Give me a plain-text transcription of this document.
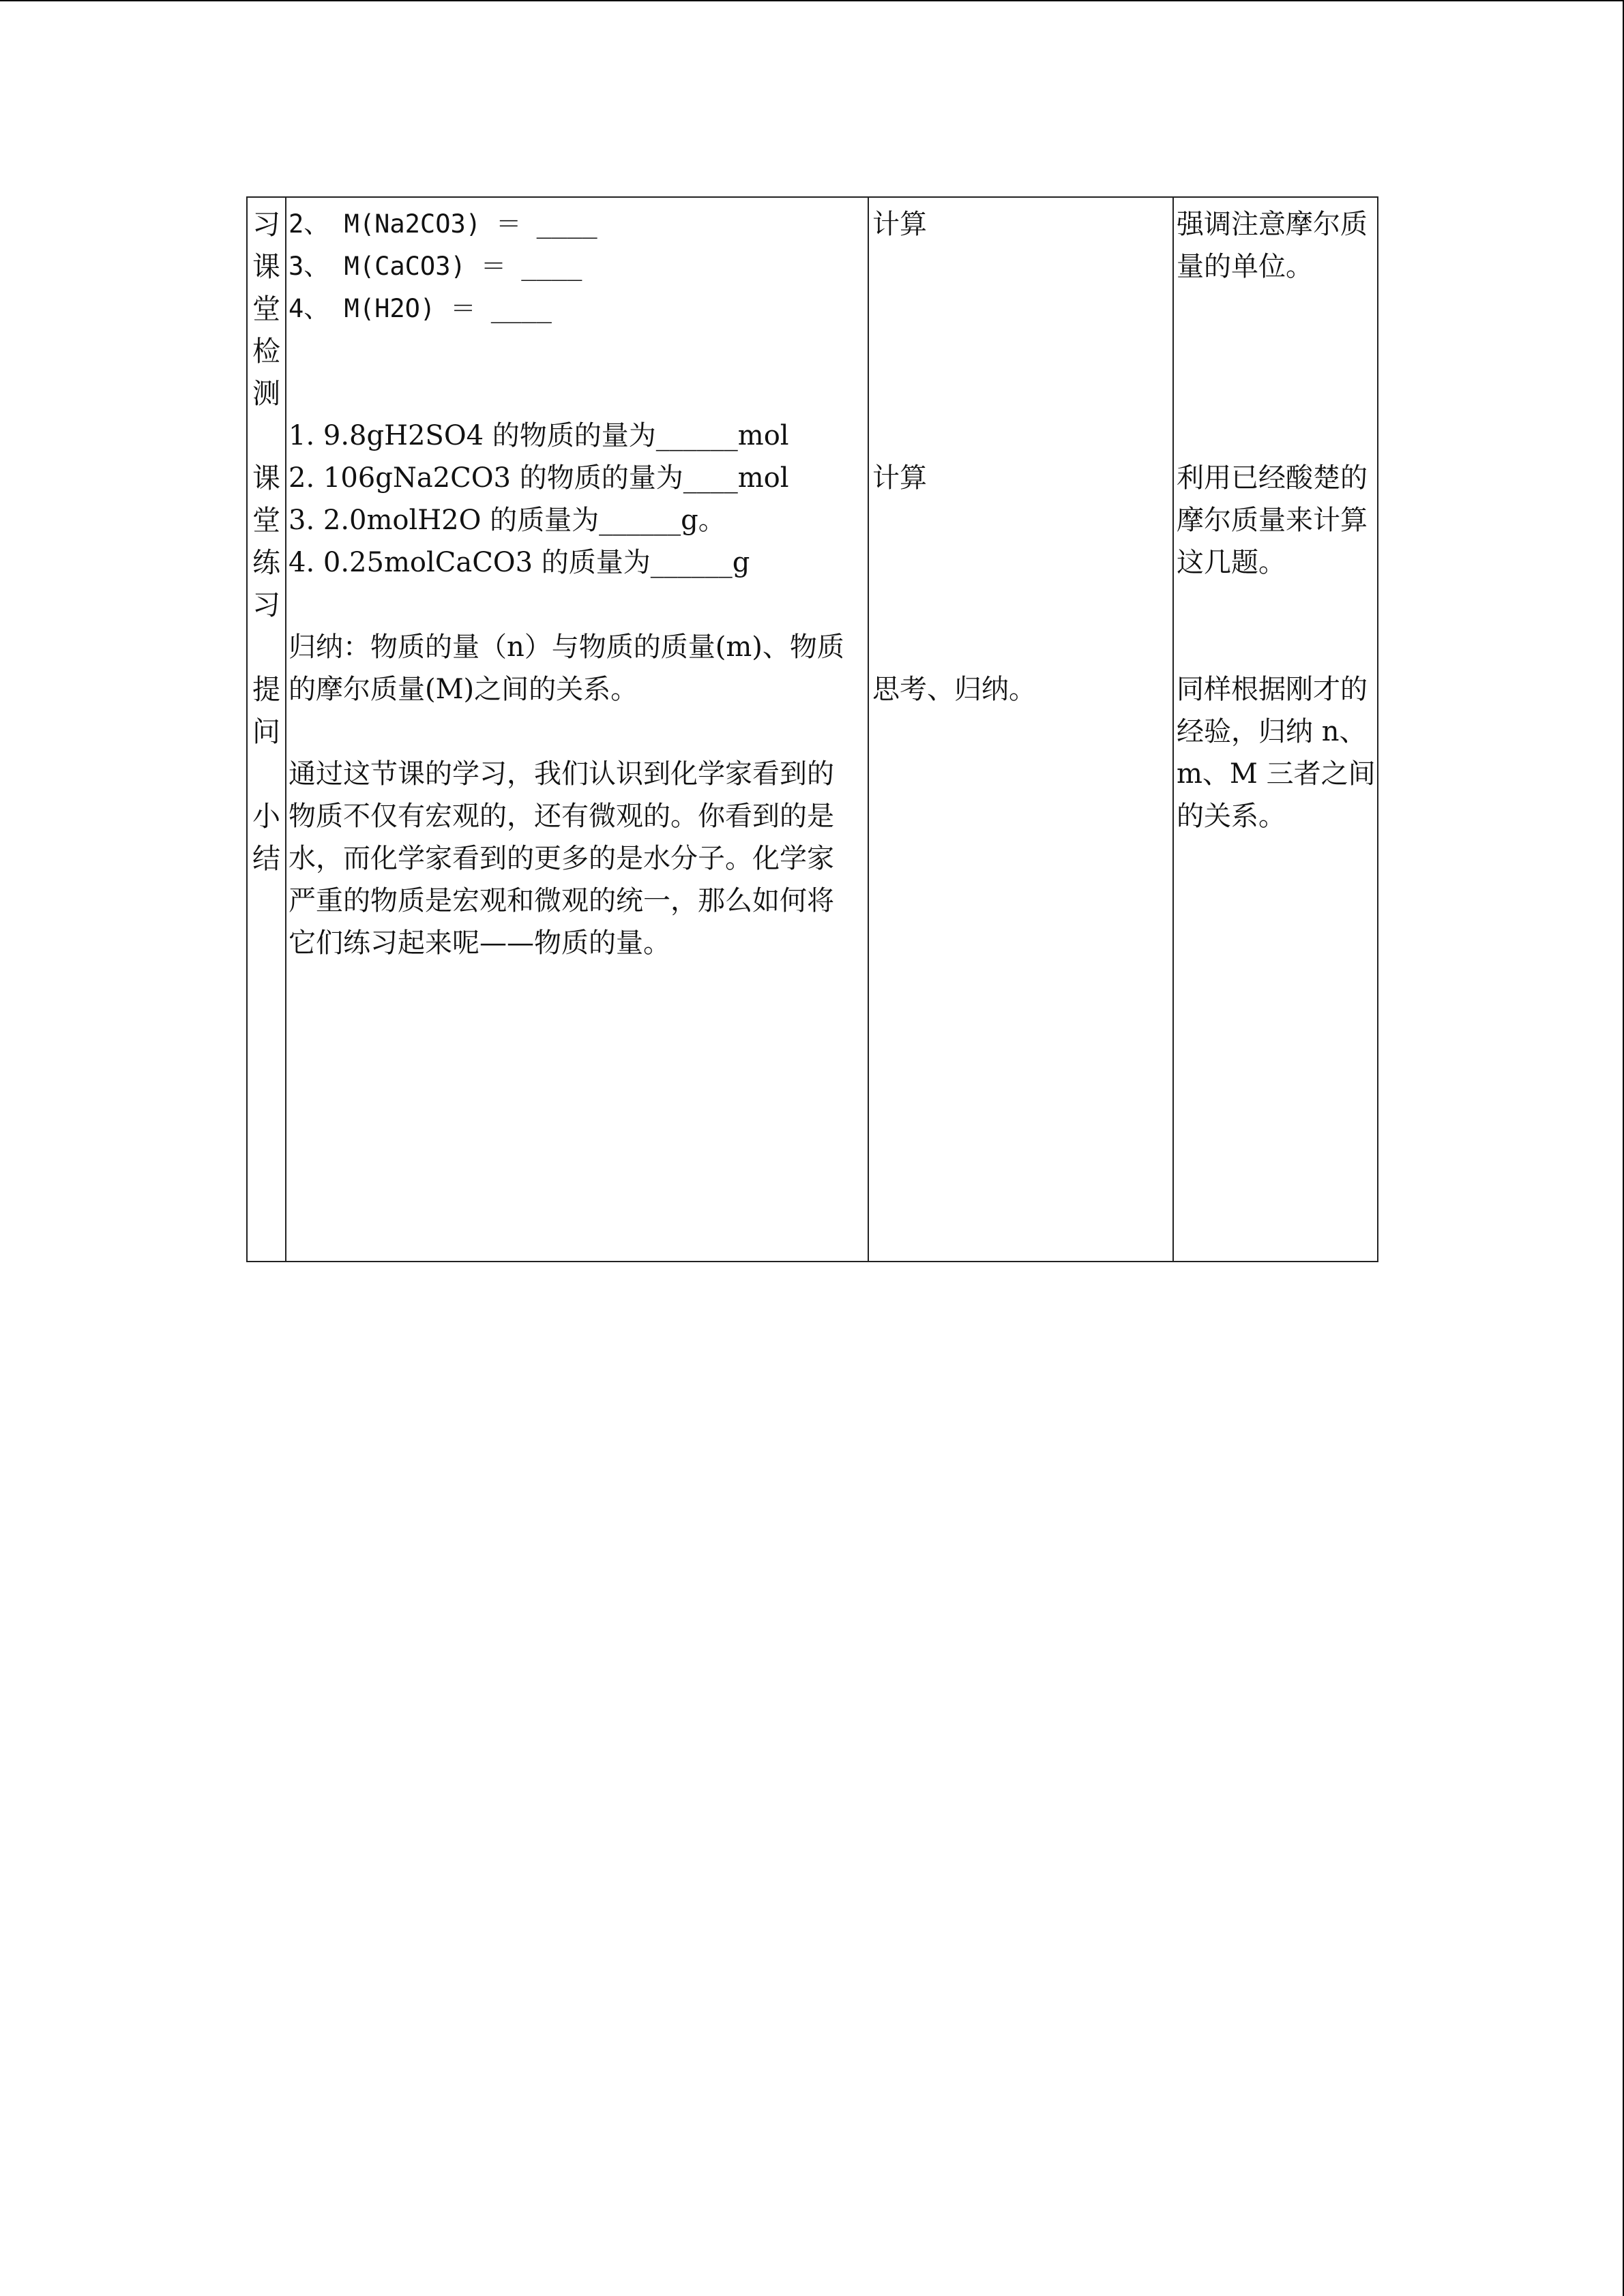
习
课
堂
检
测
课
堂
练
习
提
问
小
结
2、 M(Na2CO3) ＝ ____
3、 M(CaCO3) ＝ ____
4、 M(H2O) ＝ ____
1. 9.8gH2SO4 的物质的量为______mol
2. 106gNa2CO3 的物质的量为____mol
3. 2.0molH2O 的质量为______g。
4. 0.25molCaCO3 的质量为______g
归纳：物质的量（n）与物质的质量(m)、物质
的摩尔质量(M)之间的关系。
通过这节课的学习，我们认识到化学家看到的
物质不仅有宏观的，还有微观的。你看到的是
水，而化学家看到的更多的是水分子。化学家
严重的物质是宏观和微观的统一，那么如何将
它们练习起来呢——物质的量。
计算
计算
思考、归纳。
强调注意摩尔质
量的单位。
利用已经酸楚的
摩尔质量来计算
这几题。
同样根据刚才的
经验，归纳 n、
m、M 三者之间
的关系。
